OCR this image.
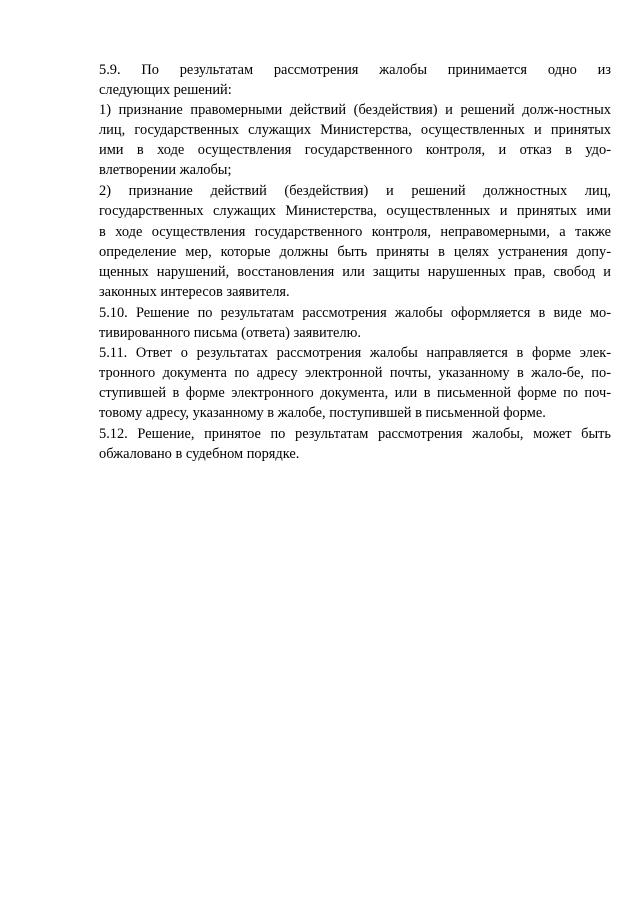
5.9. По результатам рассмотрения жалобы принимается одно из
следующих решений:
1) признание правомерными действий (бездействия) и решений долж-ностных
лиц, государственных служащих Министерства, осуществленных и принятых
ими в ходе осуществления государственного контроля, и отказ в удо-
влетворении жалобы;
2) признание действий (бездействия) и решений должностных лиц,
государственных служащих Министерства, осуществленных и принятых ими
в ходе осуществления государственного контроля, неправомерными, а также
определение мер, которые должны быть приняты в целях устранения допу-
щенных нарушений, восстановления или защиты нарушенных прав, свобод и
законных интересов заявителя.
5.10. Решение по результатам рассмотрения жалобы оформляется в виде мо-
тивированного письма (ответа) заявителю.
5.11. Ответ о результатах рассмотрения жалобы направляется в форме элек-
тронного документа по адресу электронной почты, указанному в жало-бе, по-
ступившей в форме электронного документа, или в письменной форме по поч-
товому адресу, указанному в жалобе, поступившей в письменной форме.
5.12. Решение, принятое по результатам рассмотрения жалобы, может быть
обжаловано в судебном порядке.
